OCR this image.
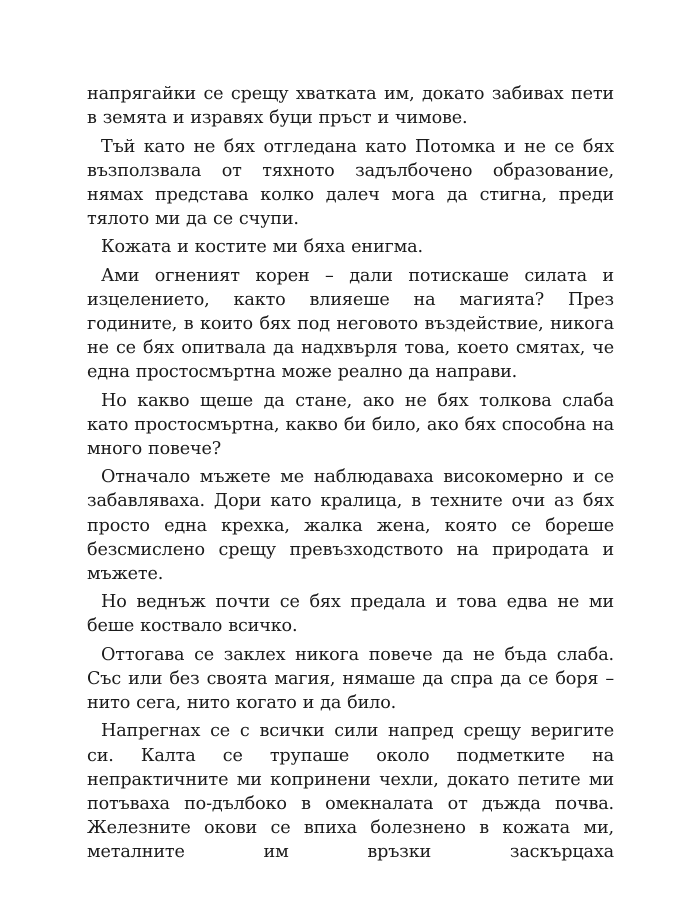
напрягайки се срещу хватката им, докато забивах пети в земята и изравях буци пръст и чимове.

Тъй като не бях отгледана като Потомка и не се бях възползвала от тяхното задълбочено образование, нямах представа колко далеч мога да стигна, преди тялото ми да се счупи.

Кожата и костите ми бяха енигма.

Ами огненият корен – дали потискаше силата и изцелението, както влияеше на магията? През годините, в които бях под неговото въздействие, никога не се бях опитвала да надхвърля това, което смятах, че една простосмъртна може реално да направи.

Но какво щеше да стане, ако не бях толкова слаба като простосмъртна, какво би било, ако бях способна на много повече?

Отначало мъжете ме наблюдаваха високомерно и се забавляваха. Дори като кралица, в техните очи аз бях просто една крехка, жалка жена, която се бореше безсмислено срещу превъзходството на природата и мъжете.

Но веднъж почти се бях предала и това едва не ми беше коствало всичко.

Оттогава се заклех никога повече да не бъда слаба. Със или без своята магия, нямаше да спра да се боря – нито сега, нито когато и да било.

Напрегнах се с всички сили напред срещу веригите си. Калта се трупаше около подметките на непрактичните ми копринени чехли, докато петите ми потъваха по-дълбоко в омекналата от дъжда почва. Железните окови се впиха болезнено в кожата ми, металните им връзки заскърцаха
